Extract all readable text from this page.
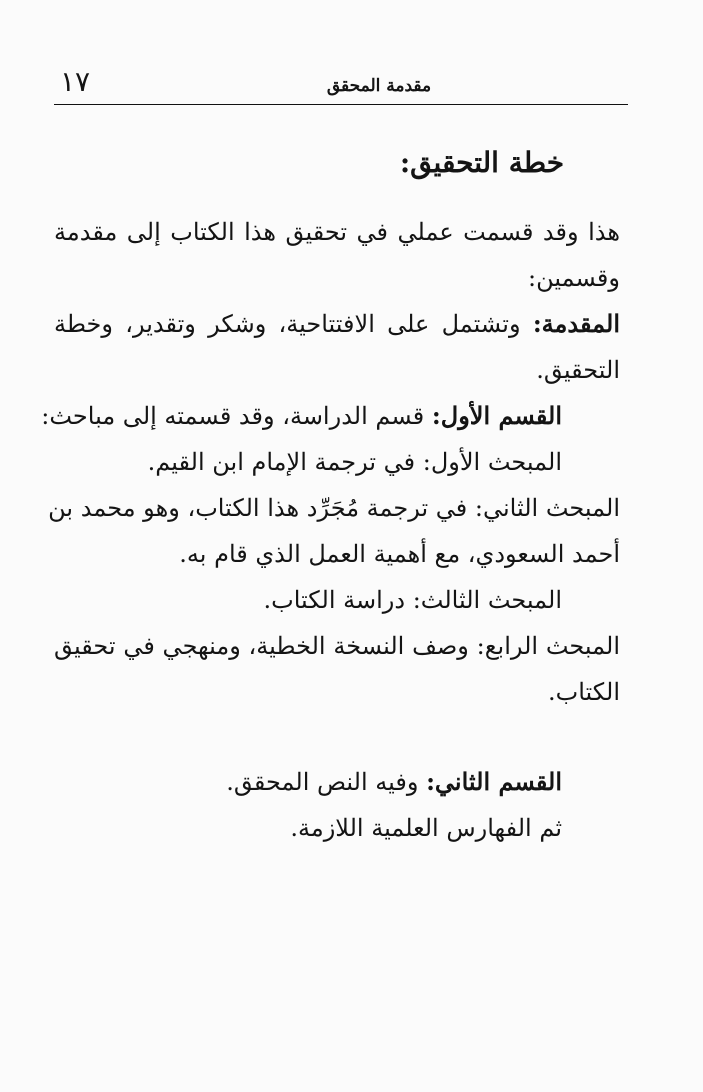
١٧	مقدمة المحقق
خطة التحقيق:
هذا وقد قسمت عملي في تحقيق هذا الكتاب إلى مقدمة
وقسمين:
المقدمة: وتشتمل على الافتتاحية، وشكر وتقدير، وخطة
التحقيق.
القسم الأول: قسم الدراسة، وقد قسمته إلى مباحث:
المبحث الأول: في ترجمة الإمام ابن القيم.
المبحث الثاني: في ترجمة مُجَرِّد هذا الكتاب، وهو محمد بن
أحمد السعودي، مع أهمية العمل الذي قام به.
المبحث الثالث: دراسة الكتاب.
المبحث الرابع: وصف النسخة الخطية، ومنهجي في تحقيق
الكتاب.
القسم الثاني: وفيه النص المحقق.
ثم الفهارس العلمية اللازمة.
